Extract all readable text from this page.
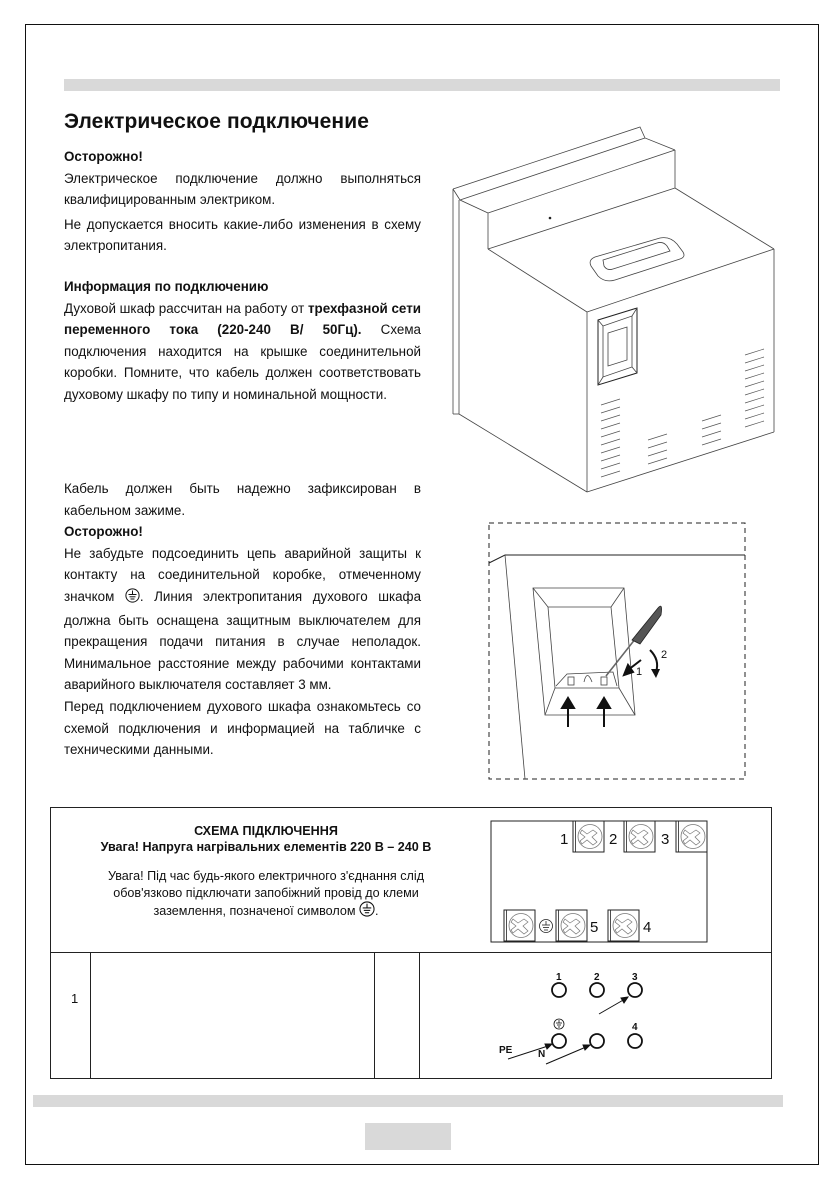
Электрическое подключение

Осторожно!

Электрическое подключение должно выполняться квалифицированным электриком.

Не допускается вносить какие-либо изменения в схему электропитания.

Информация по подключению

Духовой шкаф рассчитан на работу от трехфазной сети переменного тока (220-240 В/ 50Гц). Схема подключения находится на крышке соединительной коробки. Помните, что кабель должен соответствовать духовому шкафу по типу и номинальной мощности.

Кабель должен быть надежно зафиксирован в кабельном зажиме.

Осторожно!

Не забудьте подсоединить цепь аварийной защиты к контакту на соединительной коробке, отмеченному значком . Линия электропитания духового шкафа должна быть оснащена защитным выключателем для прекращения подачи питания в случае неполадок. Минимальное расстояние между рабочими контактами аварийного выключателя составляет 3 мм.

Перед подключением духового шкафа ознакомьтесь со схемой подключения и информацией на табличке с техническими данными.

1
2
СХЕМА ПІДКЛЮЧЕННЯ
Увага! Напруга нагрівальних елементів 220 В – 240 В
Увага! Під час будь-якого електричного з'єднання слід
обов'язково підключати запобіжний провід до клеми
заземлення, позначеної символом .
1	2	3
5	4
1
1	2	3
4
PE	N
